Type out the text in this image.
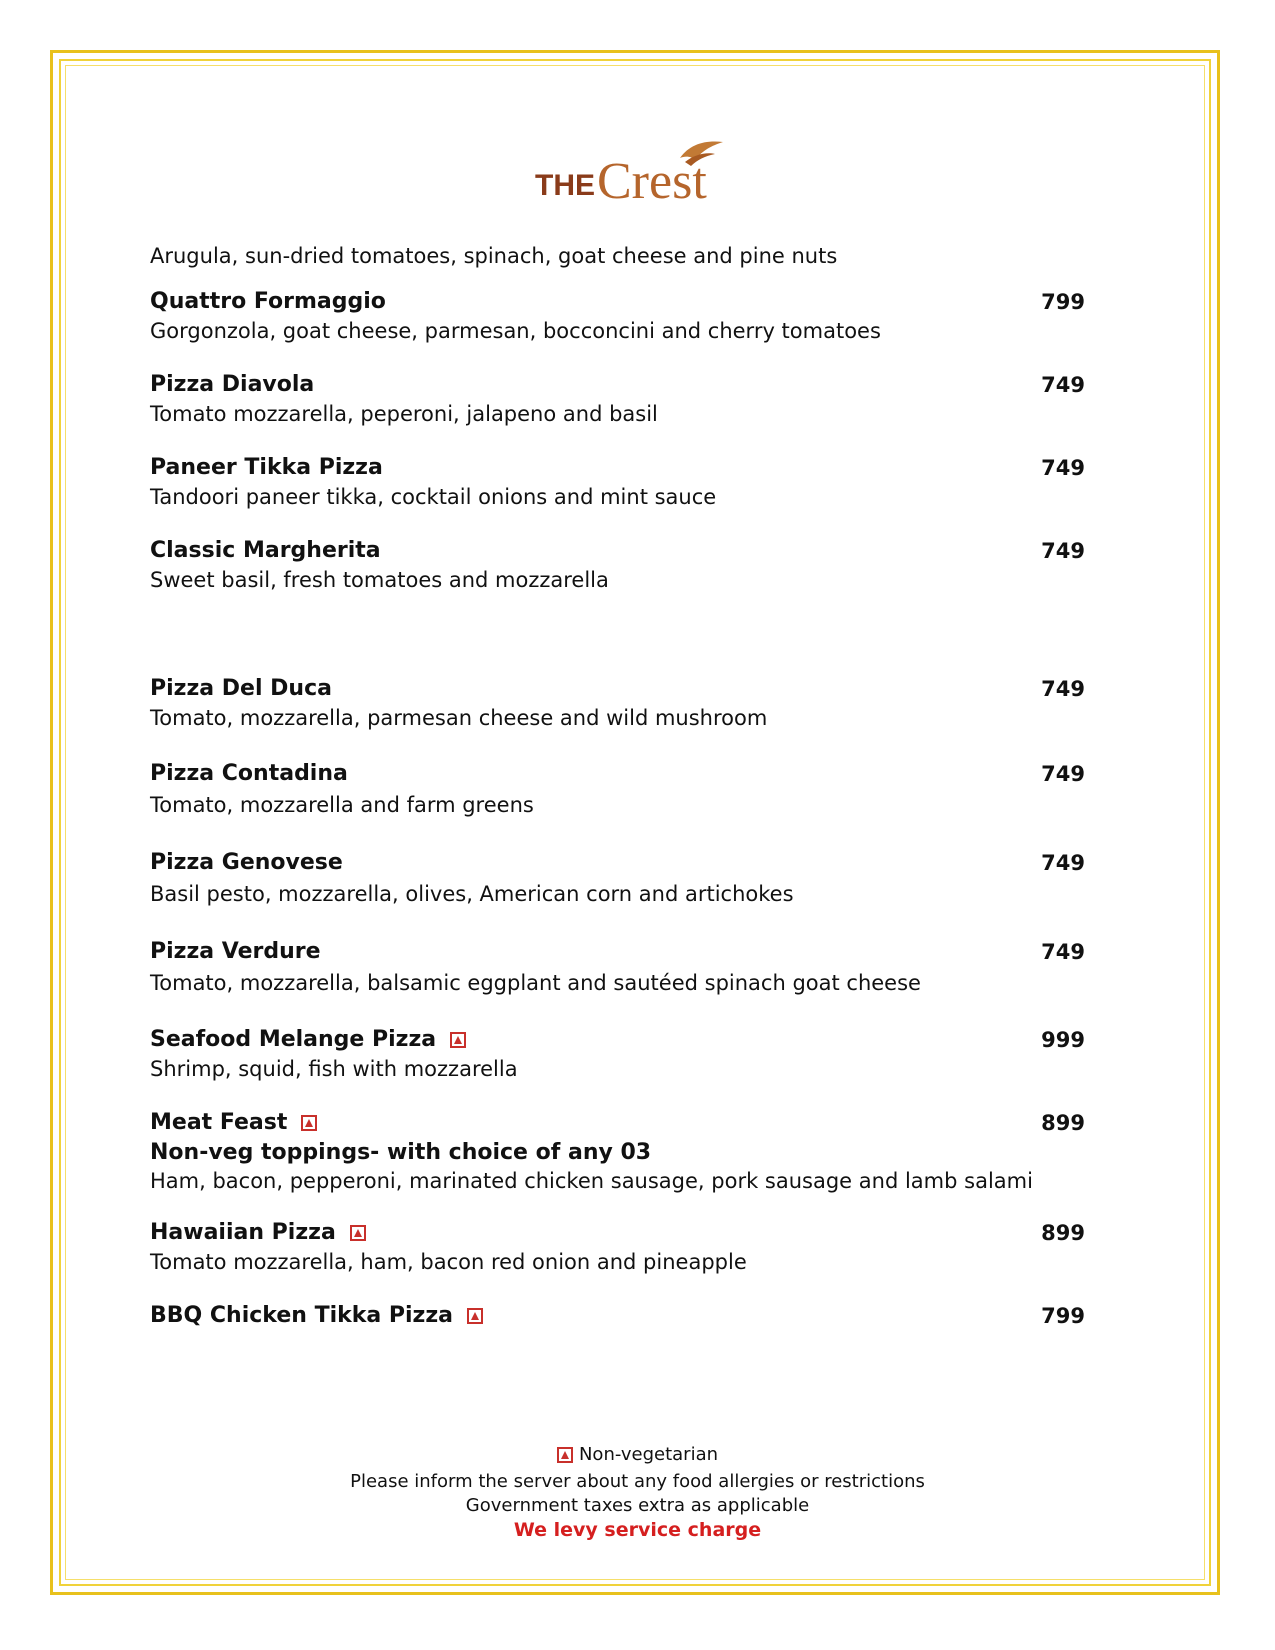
THE Crest
Arugula, sun-dried tomatoes, spinach, goat cheese and pine nuts
Quattro Formaggio	799
Gorgonzola, goat cheese, parmesan, bocconcini and cherry tomatoes
Pizza Diavola	749
Tomato mozzarella, peperoni, jalapeno and basil
Paneer Tikka Pizza	749
Tandoori paneer tikka, cocktail onions and mint sauce
Classic Margherita	749
Sweet basil, fresh tomatoes and mozzarella
Pizza Del Duca	749
Tomato, mozzarella, parmesan cheese and wild mushroom
Pizza Contadina	749
Tomato, mozzarella and farm greens
Pizza Genovese	749
Basil pesto, mozzarella, olives, American corn and artichokes
Pizza Verdure	749
Tomato, mozzarella, balsamic eggplant and sautéed spinach goat cheese
Seafood Melange Pizza	999
Shrimp, squid, fish with mozzarella
Meat Feast	899
Non-veg toppings- with choice of any 03
Ham, bacon, pepperoni, marinated chicken sausage, pork sausage and lamb salami
Hawaiian Pizza	899
Tomato mozzarella, ham, bacon red onion and pineapple
BBQ Chicken Tikka Pizza	799
Non-vegetarian
Please inform the server about any food allergies or restrictions
Government taxes extra as applicable
We levy service charge
